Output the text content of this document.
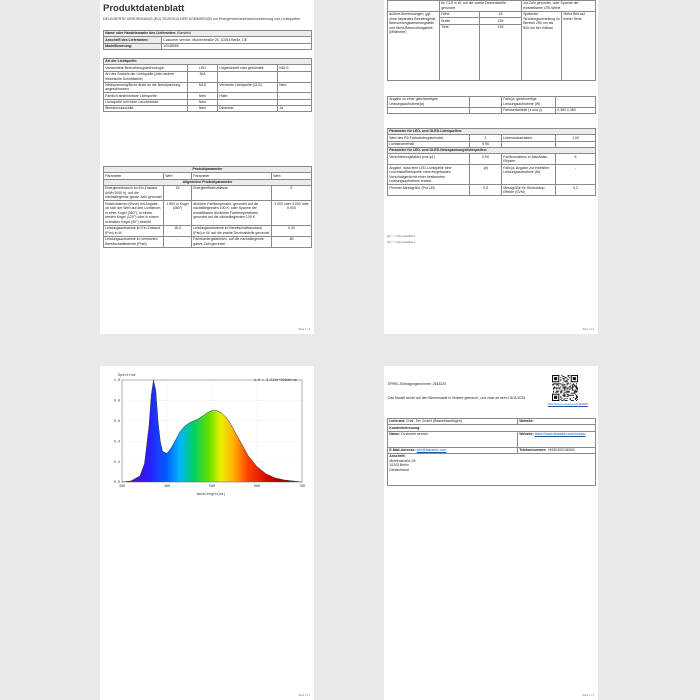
Produktdatenblatt
DELEGIERTE VERORDNUNG (EU) 2019/2015 DER KOMMISSION zur Energieverbrauchskennzeichnung von Lichtquellen
Name oder Handelsmarke des Lieferanten: Klarstein	
Anschrift des Lieferanten:	Customer service, Muhlenstraße 25, 10243 Berlin, DE
Modellkennung:	10048080
Art der Lichtquelle:			
Verwendete Beleuchtungstechnologie:	LED	Ungebündelt oder gebündelt:	NDLS
Art des Sockels der Lichtquelle (oder andere elektrische Schnittstelle)	N/A		
Netzspannung/Nicht direkt an die Netzspannung angeschlossen:	MLS	Vernetzte Lichtquelle (CLS):	Nein
Farblich abstimmbare Lichtquelle:	Nein	Hülle:	-
Lichtquelle mit hoher Leuchtdichte:	Nein		
Blendschutzschild:	Nein	Dimmbar:	Ja
Produktparameter			
Parameter	Wert	Parameter	Wert
Allgemeine Produktparameter			
Energieverbrauch im Ein-Zustand (kWh/1000 h), auf die nächstliegende ganze Zahl gerundet	16	Energieeffizienzklasse	E
Nutzlichtstrom (Φuse) mit Angabe, ob sich der Wert auf den Lichtstrom in einer Kugel (360°), in einem breiten Kegel (120°) oder in einem schmalen Kegel (90°) bezieht	1 800 in Kugel (360°)	ähnliche Farbtemperatur, gerundet auf die nächstliegenden 100 K, oder Spanne der einstellbaren ähnlichen Farbtemperaturen, gerundet auf die nächstliegenden 100 K	3 000 oder 4 000 oder 6 500
Leistungsaufnahme im Ein-Zustand (Pon) in W	16,0	Leistungsaufnahme im Bereitschaftszustand (Psb) in W, auf die zweite Dezimalstelle gerundet	0,00
Leistungsaufnahme im vernetzten Bereitschaftsbetrieb (Pnet)	-	Farbwiedergabeindex, auf die nächstliegende ganze Zahl gerundet	80
Seite 1 / 4
	für CLS in W, auf die zweite Dezimalstelle gerundet		zur Zahl gerundet, oder Spanne der einstellbaren CRI-Werte	
außere Abmessungen, ggf. ohne separates Betriebsgerät, Beleuchtungssteuerungsteile und Nicht-Beleuchtungsteile (Millimeter)	Höhe	15	Spektrale Strahlungsverteilung im Bereich 250 nm bis 800 nm bei Volllast	Siehe Bild auf letzter Seite
	Breite	135		
	Tiefe	135		
Angabe zu einer gleichwertigen Leistungsaufnahme(a)	-	Falls ja, gleichwertige Leistungsaufnahme (W)	-
		Farbwertanteile (x und y)	0,380 0,380
Parameter für LED- und OLED-Lichtquellen:			
Wert des R9-Farbwiedergabeindex	2	Lebensdauerfaktor	1,00
Lichtstromerhalt	0,96		
Parameter für LED- und OLED-Netzspannungslichtquellen:			
Verschiebungsfaktor (cos φ1)	0,90	Farbkonsistenz in MacAdam-Ellipsen	6
Angabe, dass eine LED-Lichtquelle eine Leuchtstofflichtquelle ohne eingebautes Vorschaltgerät mit einer bestimmten Leistungsaufnahme ersetzt.	-(b)	Falls ja, Angabe zur ersetzten Leistungsaufnahme (W)	-
Flimmer-Messgröße (Pst LM)	0,3	Messgröße für Stroboskop-Effekte (SVM)	0,2
(a) "-": nicht zutreffend
(b) "-": nicht zutreffend
Seite 2 / 4
380	480	580	680	780
0.0
0.2
0.4
0.6
0.8
1.0
Spectrum
1.0 = 3.514e+001mW/nm
Wavelength(nm)
Seite 3 / 4
EPREL-Eintragungsnummer: 2543325
Das Modell wurde auf den Binnenmarkt in Verkehr gebracht , und zwar ab dem // 8/11/2025.
https://eprel.ec.europa.eu/qr/2543325
Lieferant: Chal -Tec GmbH (Besselmachtigen)	Website:
Kundenbetreuung:	
Name: Customer service	Website: https://www.klarstein.com/shops/
E-Mail-Adresse: info@klarstein.com	Telefonnummer: +4930300136500
Anschrift:
Muhlenstraße 25
10243 Berlin
Deutschland	
Seite 4 / 4
